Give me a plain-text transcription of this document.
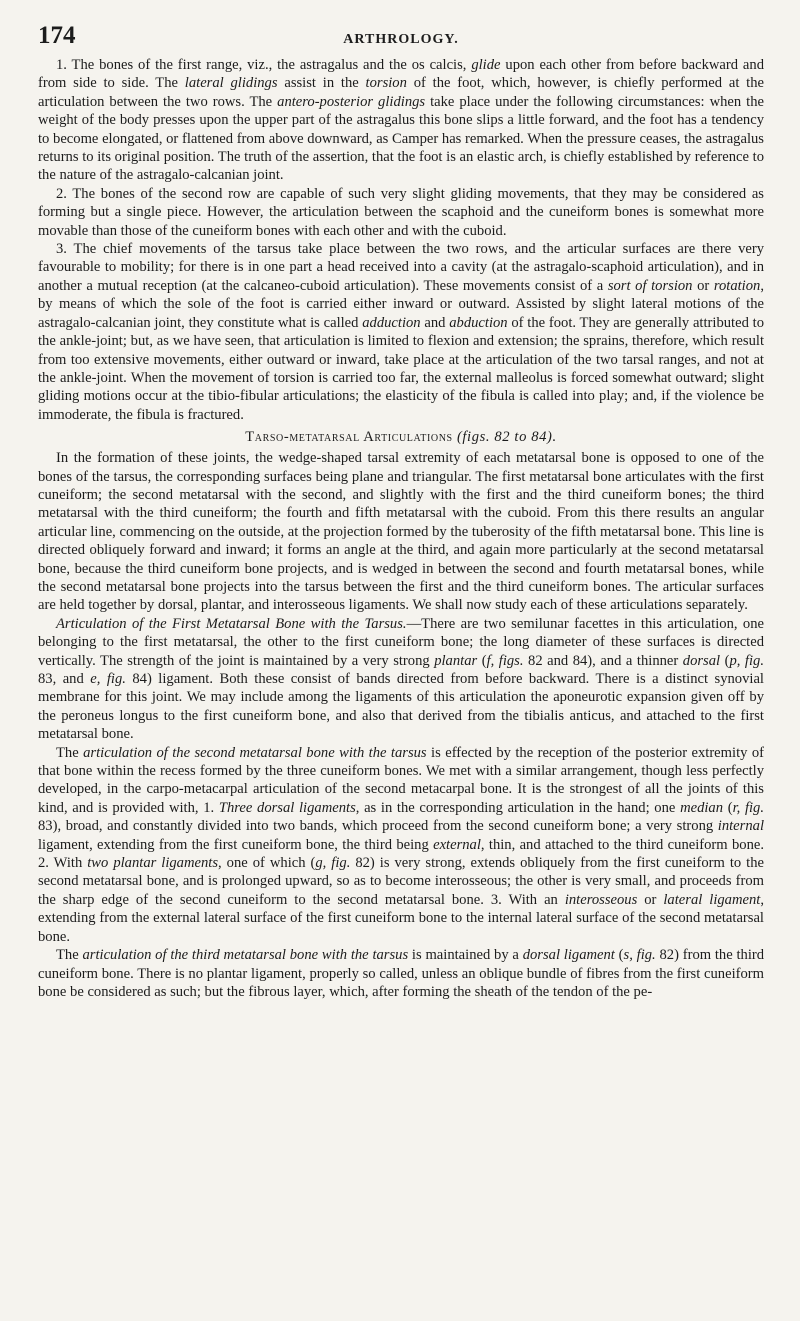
174	ARTHROLOGY.

1. The bones of the first range, viz., the astragalus and the os calcis, glide upon each other from before backward and from side to side. The lateral glidings assist in the torsion of the foot, which, however, is chiefly performed at the articulation between the two rows. The antero-posterior glidings take place under the following circumstances: when the weight of the body presses upon the upper part of the astragalus this bone slips a little forward, and the foot has a tendency to become elongated, or flattened from above downward, as Camper has remarked. When the pressure ceases, the astragalus returns to its original position. The truth of the assertion, that the foot is an elastic arch, is chiefly established by reference to the nature of the astragalo-calcanian joint.

2. The bones of the second row are capable of such very slight gliding movements, that they may be considered as forming but a single piece. However, the articulation between the scaphoid and the cuneiform bones is somewhat more movable than those of the cuneiform bones with each other and with the cuboid.

3. The chief movements of the tarsus take place between the two rows, and the articular surfaces are there very favourable to mobility; for there is in one part a head received into a cavity (at the astragalo-scaphoid articulation), and in another a mutual reception (at the calcaneo-cuboid articulation). These movements consist of a sort of torsion or rotation, by means of which the sole of the foot is carried either inward or outward. Assisted by slight lateral motions of the astragalo-calcanian joint, they constitute what is called adduction and abduction of the foot. They are generally attributed to the ankle-joint; but, as we have seen, that articulation is limited to flexion and extension; the sprains, therefore, which result from too extensive movements, either outward or inward, take place at the articulation of the two tarsal ranges, and not at the ankle-joint. When the movement of torsion is carried too far, the external malleolus is forced somewhat outward; slight gliding motions occur at the tibio-fibular articulations; the elasticity of the fibula is called into play; and, if the violence be immoderate, the fibula is fractured.

Tarso-metatarsal Articulations (figs. 82 to 84).

In the formation of these joints, the wedge-shaped tarsal extremity of each metatarsal bone is opposed to one of the bones of the tarsus, the corresponding surfaces being plane and triangular. The first metatarsal bone articulates with the first cuneiform; the second metatarsal with the second, and slightly with the first and the third cuneiform bones; the third metatarsal with the third cuneiform; the fourth and fifth metatarsal with the cuboid. From this there results an angular articular line, commencing on the outside, at the projection formed by the tuberosity of the fifth metatarsal bone. This line is directed obliquely forward and inward; it forms an angle at the third, and again more particularly at the second metatarsal bone, because the third cuneiform bone projects, and is wedged in between the second and fourth metatarsal bones, while the second metatarsal bone projects into the tarsus between the first and the third cuneiform bones. The articular surfaces are held together by dorsal, plantar, and interosseous ligaments. We shall now study each of these articulations separately.

Articulation of the First Metatarsal Bone with the Tarsus.—There are two semilunar facettes in this articulation, one belonging to the first metatarsal, the other to the first cuneiform bone; the long diameter of these surfaces is directed vertically. The strength of the joint is maintained by a very strong plantar (f, figs. 82 and 84), and a thinner dorsal (p, fig. 83, and e, fig. 84) ligament. Both these consist of bands directed from before backward. There is a distinct synovial membrane for this joint. We may include among the ligaments of this articulation the aponeurotic expansion given off by the peroneus longus to the first cuneiform bone, and also that derived from the tibialis anticus, and attached to the first metatarsal bone.

The articulation of the second metatarsal bone with the tarsus is effected by the reception of the posterior extremity of that bone within the recess formed by the three cuneiform bones. We met with a similar arrangement, though less perfectly developed, in the carpo-metacarpal articulation of the second metacarpal bone. It is the strongest of all the joints of this kind, and is provided with, 1. Three dorsal ligaments, as in the corresponding articulation in the hand; one median (r, fig. 83), broad, and constantly divided into two bands, which proceed from the second cuneiform bone; a very strong internal ligament, extending from the first cuneiform bone, the third being external, thin, and attached to the third cuneiform bone. 2. With two plantar ligaments, one of which (g, fig. 82) is very strong, extends obliquely from the first cuneiform to the second metatarsal bone, and is prolonged upward, so as to become interosseous; the other is very small, and proceeds from the sharp edge of the second cuneiform to the second metatarsal bone. 3. With an interosseous or lateral ligament, extending from the external lateral surface of the first cuneiform bone to the internal lateral surface of the second metatarsal bone.

The articulation of the third metatarsal bone with the tarsus is maintained by a dorsal ligament (s, fig. 82) from the third cuneiform bone. There is no plantar ligament, properly so called, unless an oblique bundle of fibres from the first cuneiform bone be considered as such; but the fibrous layer, which, after forming the sheath of the tendon of the pe-
